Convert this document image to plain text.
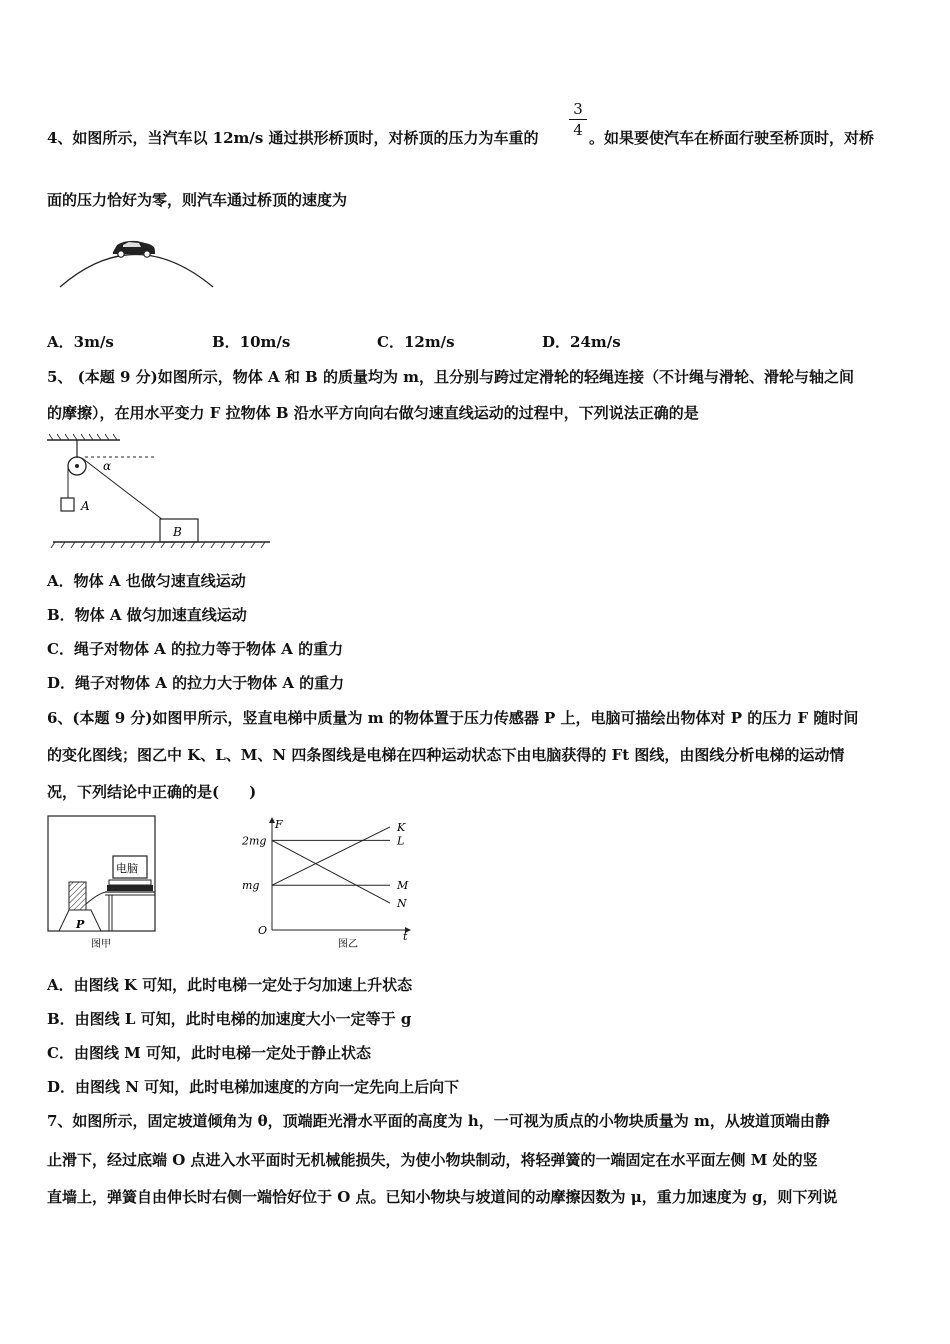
4、如图所示，当汽车以 12m/s 通过拱形桥顶时，对桥顶的压力为车重的
3
4 。如果要使汽车在桥面行驶至桥顶时，对桥
面的压力恰好为零，则汽车通过桥顶的速度为
A．3m/s	B．10m/s	C．12m/s	D．24m/s
5、 (本题 9 分)如图所示，物体 A 和 B 的质量均为 m，且分别与跨过定滑轮的轻绳连接（不计绳与滑轮、滑轮与轴之间
的摩擦），在用水平变力 F 拉物体 B 沿水平方向向右做匀速直线运动的过程中，下列说法正确的是
A
α
B
A．物体 A 也做匀速直线运动
B．物体 A 做匀加速直线运动
C．绳子对物体 A 的拉力等于物体 A 的重力
D．绳子对物体 A 的拉力大于物体 A 的重力
6、(本题 9 分)如图甲所示，竖直电梯中质量为 m 的物体置于压力传感器 P 上，电脑可描绘出物体对 P 的压力 F 随时间
的变化图线；图乙中 K、L、M、N 四条图线是电梯在四种运动状态下由电脑获得的 Ft 图线，由图线分析电梯的运动情
况，下列结论中正确的是(　　)
P
电脑
图甲
F
t
O
mg
2mg
K
L
M
N
图乙
A．由图线 K 可知，此时电梯一定处于匀加速上升状态
B．由图线 L 可知，此时电梯的加速度大小一定等于 g
C．由图线 M 可知，此时电梯一定处于静止状态
D．由图线 N 可知，此时电梯加速度的方向一定先向上后向下
7、如图所示，固定坡道倾角为 θ，顶端距光滑水平面的高度为 h，一可视为质点的小物块质量为 m，从坡道顶端由静
止滑下，经过底端 O 点进入水平面时无机械能损失，为使小物块制动，将轻弹簧的一端固定在水平面左侧 M 处的竖
直墙上，弹簧自由伸长时右侧一端恰好位于 O 点。已知小物块与坡道间的动摩擦因数为 μ，重力加速度为 g，则下列说
